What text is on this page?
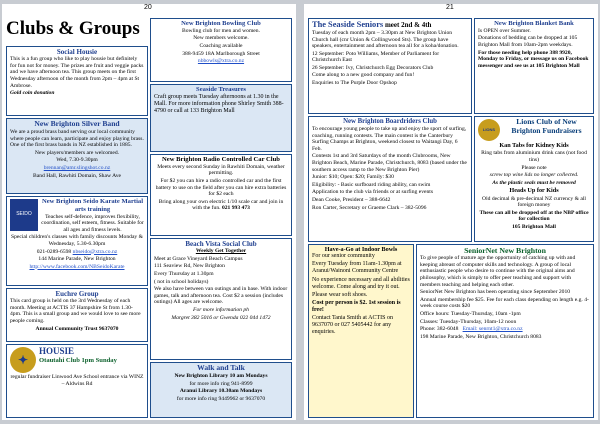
20
Clubs & Groups
Social Housie

This is a fun group who like to play housie but definitely for fun not for money. The prizes are fruit and veggie packs and we have afternoon tea. This group meets on the first Wednesday afternoon of the month from 2pm – 4pm at St Ambrose.

Gold coin donation

New Brighton Silver Band

We are a proud brass band serving our local community where people can learn, participate and enjoy playing brass. One of the first brass bands in NZ established in 1885.

New players/members are welcomed.

Wed, 7.30-9.30pm

brennan@amr.slingshot.co.nz

Band Hall, Rawhiti Domain, Shaw Ave

SEIDO
New Brighton Seido Karate Martial arts training

Teaches self-defence, improves flexibility, coordination, self esteem, fitness. Suitable for all ages and fitness levels.

Special children's classes with family discounts Monday & Wednesday, 5.30-6.30pm

021-0289-6598 nbseido@xtra.co.nz

144 Marine Parade, New Brighton

http://www.facebook.com/NBSeidoKarate

Euchre Group

This card group is held on the 3rd Wednesday of each month. Meeting at ACTIS 37 Hampshire St from 1.30-4pm. This is a small group and we would love to see more people coming.

Annual Community Trust 9637070

✦
HOUSIE

Otautahi Club 1pm Sunday

regular fundraiser Linwood Ave School entrance via WINZ – Aldwins Rd

New Brighton Bowling Club

Bowling club for men and women.

New members welcome.

Coaching available

388-9459 18A Marlborough Street

nbbowls@xtra.co.nz

Seaside Treasures

Craft group meets Tuesday afternoons at 1.30 in the Mall. For more information phone Shirley Smith 388-4790 or call at 133 Brighton Mall

New Brighton Radio Controlled Car Club

Meets every second Sunday in Rawhiti Domain, weather permitting.

For $2 you can hire a radio controlled car and the first battery to use on the field after you can hire extra batteries for $2 each

Bring along your own electric 1/10 scale car and join in with the fun. 021 993 473

Beach Vista Social Club

Weekly Get Together

Meet at Grace Vineyard Beach Campus

111 Seaview Rd, New Brighton

Every Thursday at 1.30pm

( not in school holidays)

We also have between van outings and in base. With indoor games, talk and afternoon tea. Cost $2 a session (includes outings) All ages are welcome.

For more information ph

Margret 382 5016 or Gwenda 022 044 1472

Walk and Talk

New Brighton Library 10 am Mondays

for more info ring 941-8999

Aranui Library 10.30am Mondays

for more info ring 9449962 or 9637070

21
The Seaside Seniors meet 2nd & 4th

Tuesday of each month 2pm – 3.30pm at New Brighton Union Church hall (cnr Union & Collingwood Sts). The group have speakers, entertainment and afternoon tea all for a koha/donation.

12 September: Poto Williams, Member of Parliament for Christchurch East

26 September: Ivy, Christchurch Egg Decorators Club

Come along to a new good company and fun!

Enquiries to The Purple Door Opshop

New Brighton Blanket Bank

Is OPEN over Summer.

Donations of bedding can be dropped at 105 Brighton Mall from 10am-2pm weekdays.

For those needing help phone 388 9920, Monday to Friday, or message us on Facebook messenger and see us at 105 Brighton Mall

New Brighton Boardriders Club

To encourage young people to take up and enjoy the sport of surfing, coaching, running contests. The main contest is the Canterbury Surfing Champs at Brighton, weekend closest to Waitangi Day, 6 Feb.

Contests 1st and 3rd Saturdays of the month Clubrooms, New Brighton Beach, Marine Parade, Christchurch, 8083 (based under the southern access ramp to the New Brighton Pier)

Junior: $10; Open: $20; Family: $30

Eligibility: - Basic surfboard riding ability, can swim

Application to the club via friends or at surfing events

Dean Cooke, President – 388-6642

Ron Carter, Secretary or Graeme Clark – 382-5096

LIONS
Lions Club of New Brighton Fundraisers

Kan Tabs for Kidney Kids

Ring tabs from aluminium drink cans (not food tins)

Please note

screw top wine lids no longer collected.

As the plastic seals must be removed

Heads Up for Kids

Old decimal & pre-decimal NZ currency & all foreign money

These can all be dropped off at the NBP office for collection

105 Brighton Mall

Have-a-Go at Indoor Bowls

For our senior community

Every Tuesday from 11am-1.30pm at Aranui/Wainoni Community Centre

No experience necessary and all abilities welcome. Come along and try it out.

Please wear soft shoes.

Cost per person is $2. 1st session is free!

Contact Tania Smith at ACTIS on 9637070 or 027 5405442 for any enquiries.

SeniorNet New Brighton

To give people of mature age the opportunity of catching up with and keeping abreast of computer skills and technology. A group of local enthusiastic people who desire to continue with the original aims and philosophy, which is simply to offer peer teaching and support with members teaching and helping each other.

SeniorNet New Brighton has been operating since September 2010

Annual membership fee $25. Fee for each class depending on length e.g. 4-week course costs $20

Office hours: Tuesday-Thursday, 10am -1pm

Classes: Tuesday-Thursday, 10am-12 noon

Phone: 382-6048 Email: senrnt1@xtra.co.nz

198 Marine Parade, New Brighton, Christchurch 8083
